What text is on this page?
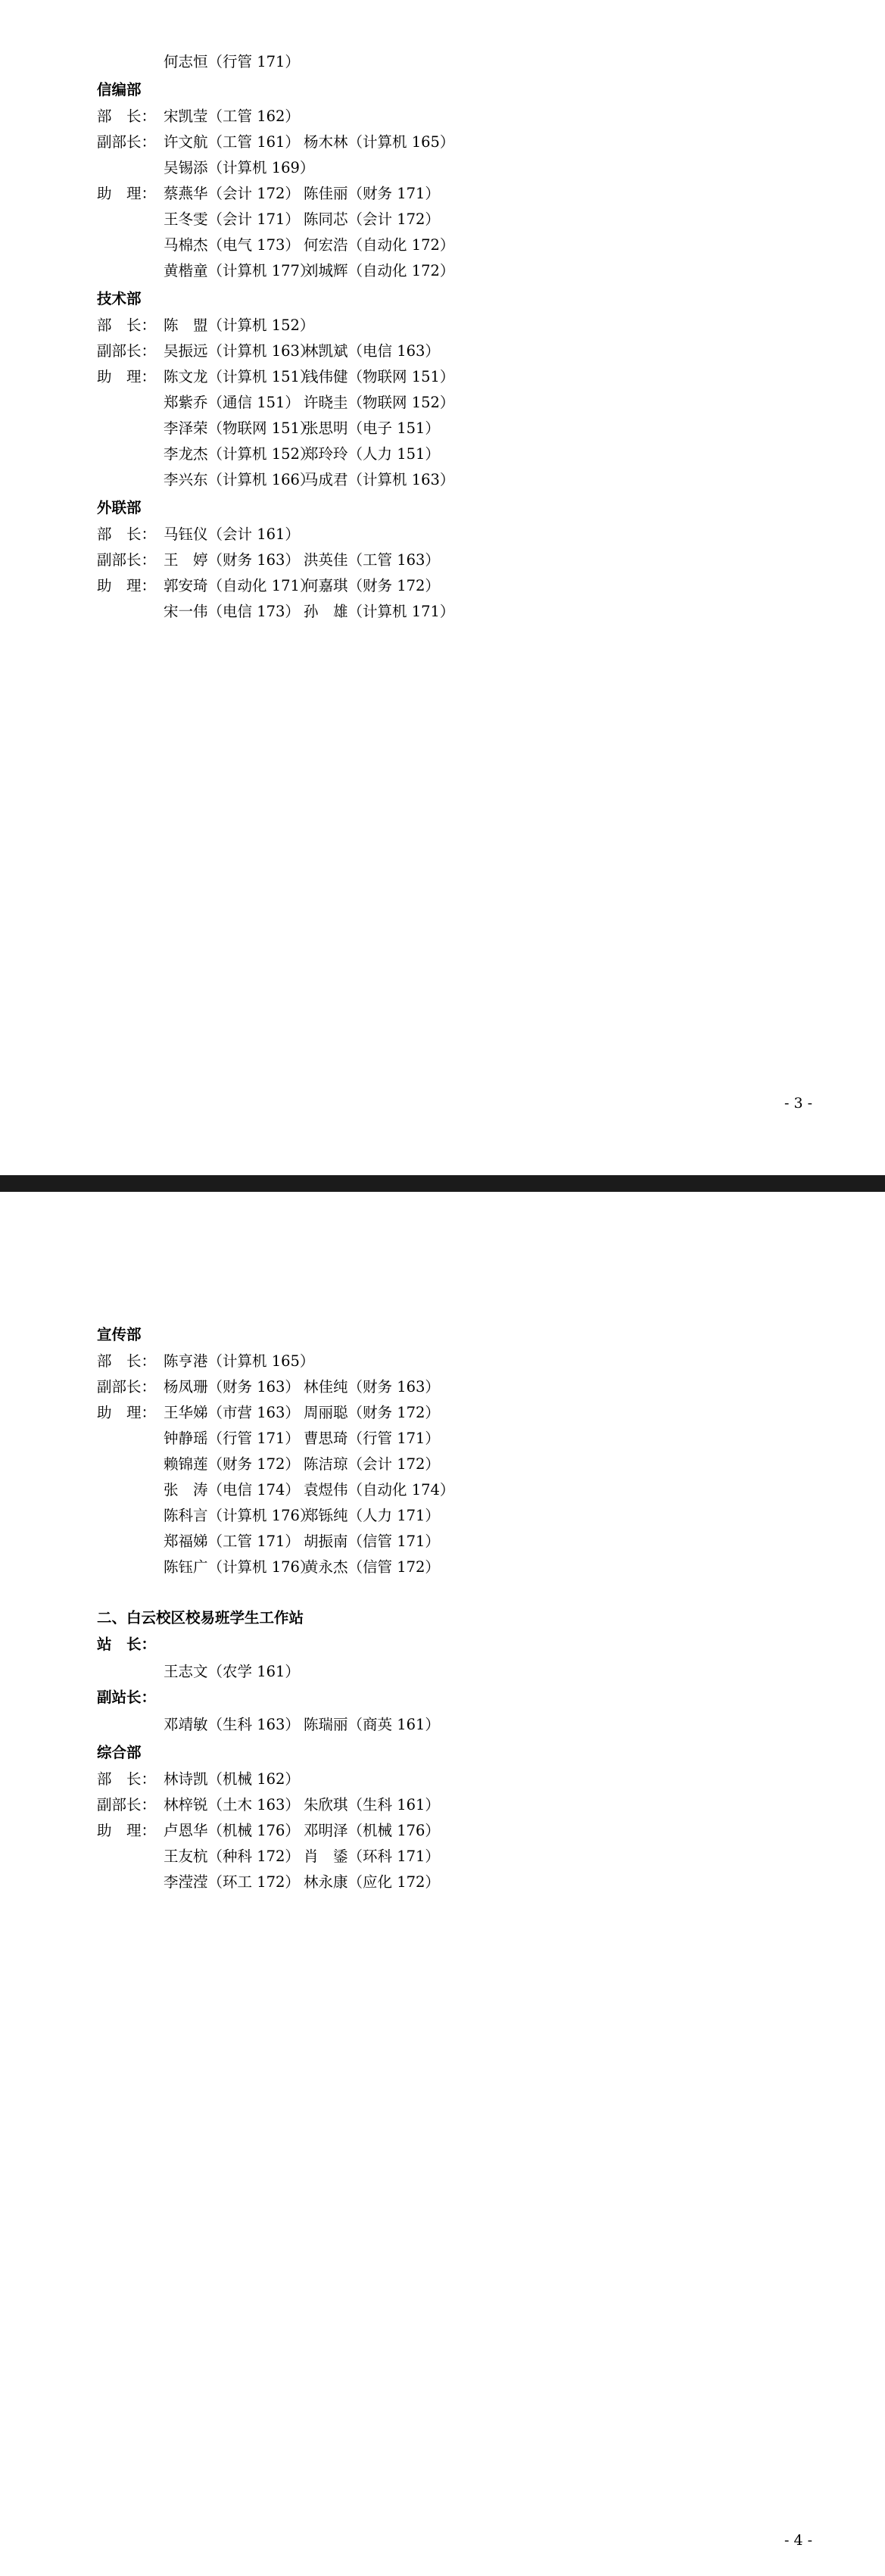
何志恒（行管 171）
信编部
部　长： 宋凯莹（工管 162）
副部长： 许文航（工管 161） 杨木林（计算机 165）
吴锡添（计算机 169）
助　理： 蔡燕华（会计 172） 陈佳丽（财务 171）
王冬雯（会计 171） 陈同芯（会计 172）
马棉杰（电气 173） 何宏浩（自动化 172）
黄楷童（计算机 177）
刘城辉（自动化 172）
技术部
部　长： 陈　盟（计算机 152）
副部长： 吴振远（计算机 163）
林凯斌（电信 163）
助　理： 陈文龙（计算机 151）
钱伟健（物联网 151）
郑紫乔（通信 151） 许晓圭（物联网 152）
李泽荣（物联网 151）
张思明（电子 151）
李龙杰（计算机 152）
郑玲玲（人力 151）
李兴东（计算机 166）
马成君（计算机 163）
外联部
部　长： 马钰仪（会计 161）
副部长： 王　婷（财务 163） 洪英佳（工管 163）
助　理： 郭安琦（自动化 171）
何嘉琪（财务 172）
宋一伟（电信 173） 孙　雄（计算机 171）
- 3 -
宣传部
部　长： 陈亨港（计算机 165）
副部长： 杨凤珊（财务 163） 林佳纯（财务 163）
助　理： 王华娣（市营 163） 周丽聪（财务 172）
钟静瑶（行管 171） 曹思琦（行管 171）
赖锦莲（财务 172） 陈洁琼（会计 172）
张　涛（电信 174） 袁煜伟（自动化 174）
陈科言（计算机 176）
郑铄纯（人力 171）
郑福娣（工管 171） 胡振南（信管 171）
陈钰广（计算机 176）
黄永杰（信管 172）
二、白云校区校易班学生工作站
站　长：
王志文（农学 161）
副站长：
邓靖敏（生科 163） 陈瑞丽（商英 161）
综合部
部　长： 林诗凯（机械 162）
副部长： 林梓锐（土木 163） 朱欣琪（生科 161）
助　理： 卢恩华（机械 176） 邓明泽（机械 176）
王友杭（种科 172） 肖　鋈（环科 171）
李滢滢（环工 172） 林永康（应化 172）
- 4 -
